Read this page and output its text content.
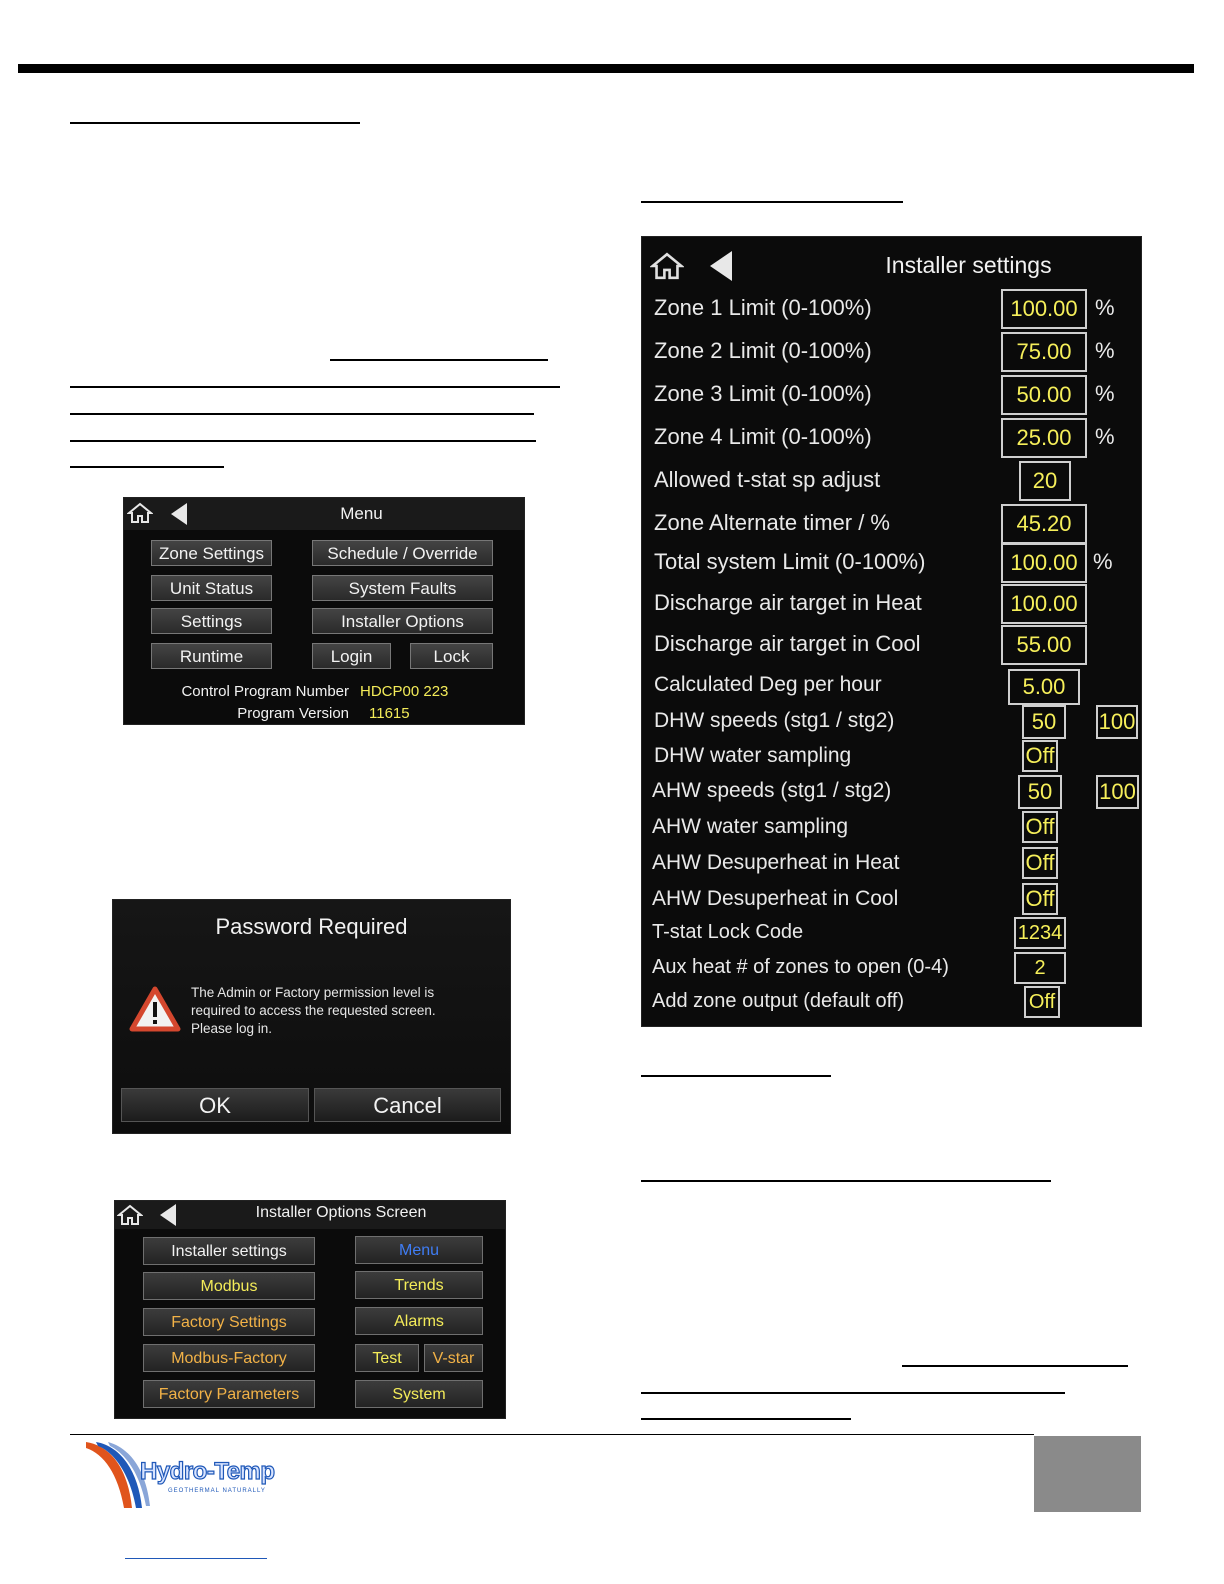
Menu
Zone Settings	Schedule / Override
Unit Status	System Faults
Settings	Installer Options
Runtime	Login	Lock
Control Program Number HDCP00 223
Program Version 11615
Password Required
The Admin or Factory permission level is
required to access the requested screen.
Please log in.
OK	Cancel
Installer Options Screen
Installer settings	Menu
Modbus	Trends
Factory Settings	Alarms
Modbus-Factory	Test	V-star
Factory Parameters	System
Installer settings
Zone 1 Limit (0-100%)	100.00 %
Zone 2 Limit (0-100%)	75.00	%
Zone 3 Limit (0-100%)	50.00	%
Zone 4 Limit (0-100%)	25.00	%
Allowed t-stat sp adjust	20
Zone Alternate timer / %	45.20
Total system Limit (0-100%)	100.00 %
Discharge air target in Heat	100.00
Discharge air target in Cool	55.00
Calculated Deg per hour	5.00
DHW speeds (stg1 / stg2)	50	100
DHW water sampling	Off
AHW speeds (stg1 / stg2)	50	100
AHW water sampling	Off
AHW Desuperheat in Heat	Off
AHW Desuperheat in Cool	Off
T-stat Lock Code	1234
Aux heat # of zones to open (0-4)	2
Add zone output (default off)	Off
Hydro-Temp
GEOTHERMAL NATURALLY
